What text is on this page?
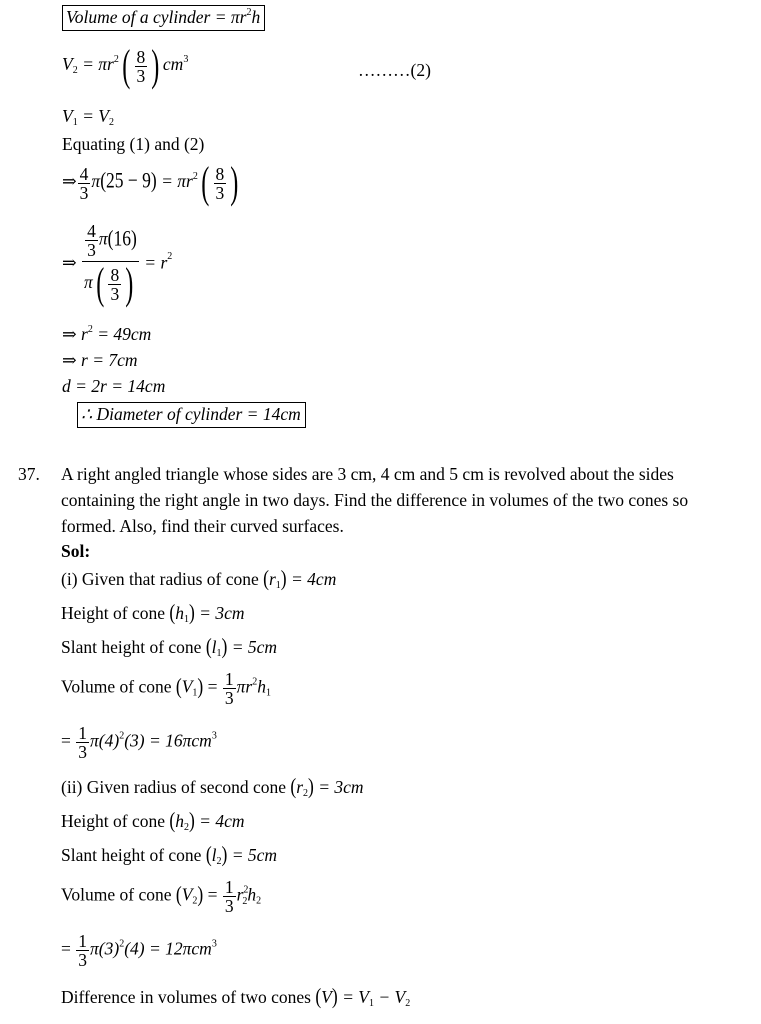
Volume of a cylinder = $\pi r^2h$
$V_2 = \pi r^2( \frac{8}{3}$ ) $cm^3$
………(2)
$V_1 = V_2$
Equating (1) and (2)
⇒ $\frac{4}{3} \pi(25 - 9) = \pi r^2( \frac{8}{3}$ )
⇒ $\frac{\frac{4}{3} \pi(16)}{\pi( \frac{8}{3} )} = r^2$
⇒ $r^2 = 49cm$
⇒ r = 7cm
d = 2r = 14cm
∴ Diameter of cylinder = 14cm
37. A right angled triangle whose sides are 3 cm, 4 cm and 5 cm is revolved about the sides
containing the right angle in two days. Find the difference in volumes of the two cones so
formed. Also, find their curved surfaces.
Sol:
(i) Given that radius of cone $(r_1) = 4cm$
Height of cone $(h_1) = 3cm$
Slant height of cone $(l_1) = 5cm$
Volume of cone $(V_1) = \frac{1}{3} \pi r^2h_1$
= $\frac{1}{3} \pi(4)^2(3) = 16\pi cm^3$
(ii) Given radius of second cone $(r_2) = 3cm$
Height of cone $(h_2) = 4cm$
Slant height of cone $(l_2) = 5cm$
Volume of cone $(V_2) = \frac{1}{3} r^2_2h_2$
= $\frac{1}{3} \pi(3)^2(4) = 12\pi cm^3$
Difference in volumes of two cones $(V) = V_1 - V_2$
